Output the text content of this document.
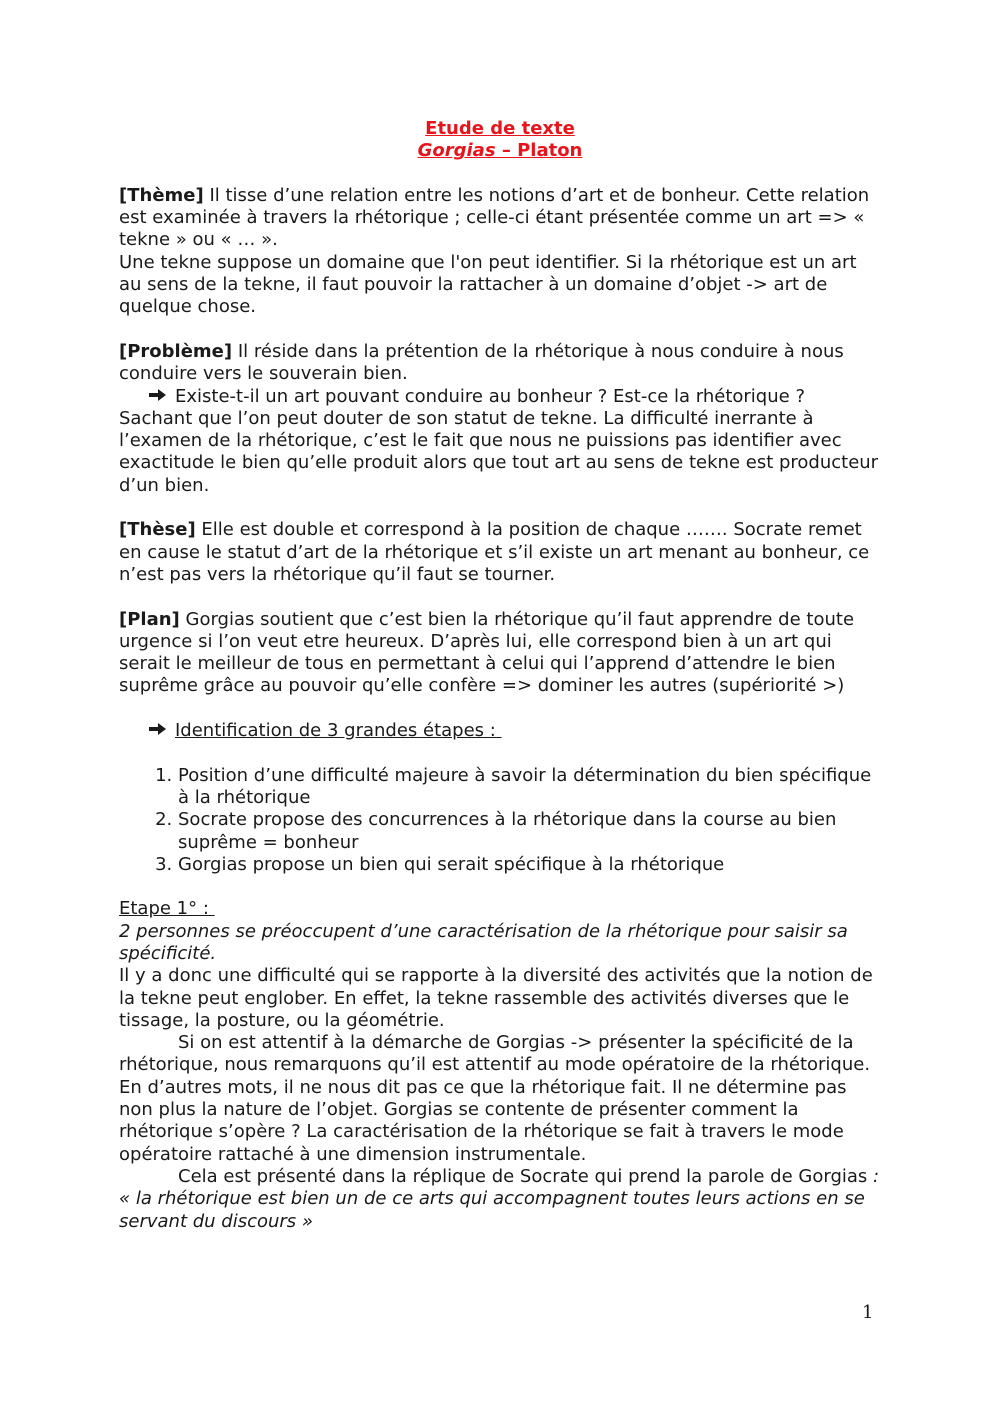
Etude de texte

Gorgias – Platon

[Thème] Il tisse d’une relation entre les notions d’art et de bonheur. Cette relation est examinée à travers la rhétorique ; celle-ci étant présentée comme un art => « tekne » ou « … ».

Une tekne suppose un domaine que l'on peut identifier. Si la rhétorique est un art au sens de la tekne, il faut pouvoir la rattacher à un domaine d’objet -> art de quelque chose.

[Problème] Il réside dans la prétention de la rhétorique à nous conduire à nous conduire vers le souverain bien.

Existe-t-il un art pouvant conduire au bonheur ? Est-ce la rhétorique ? Sachant que l’on peut douter de son statut de tekne. La difficulté inerrante à l’examen de la rhétorique, c’est le fait que nous ne puissions pas identifier avec exactitude le bien qu’elle produit alors que tout art au sens de tekne est producteur d’un bien.

[Thèse] Elle est double et correspond à la position de chaque ……. Socrate remet en cause le statut d’art de la rhétorique et s’il existe un art menant au bonheur, ce n’est pas vers la rhétorique qu’il faut se tourner.

[Plan] Gorgias soutient que c’est bien la rhétorique qu’il faut apprendre de toute urgence si l’on veut etre heureux. D’après lui, elle correspond bien à un art qui serait le meilleur de tous en permettant à celui qui l’apprend d’attendre le bien suprême grâce au pouvoir qu’elle confère => dominer les autres (supériorité >)

Identification de 3 grandes étapes :

1. Position d’une difficulté majeure à savoir la détermination du bien spécifique à la rhétorique
2. Socrate propose des concurrences à la rhétorique dans la course au bien suprême = bonheur
3. Gorgias propose un bien qui serait spécifique à la rhétorique

Etape 1° :

2 personnes se préoccupent d’une caractérisation de la rhétorique pour saisir sa spécificité.

Il y a donc une difficulté qui se rapporte à la diversité des activités que la notion de la tekne peut englober. En effet, la tekne rassemble des activités diverses que le tissage, la posture, ou la géométrie.

Si on est attentif à la démarche de Gorgias -> présenter la spécificité de la rhétorique, nous remarquons qu’il est attentif au mode opératoire de la rhétorique.

En d’autres mots, il ne nous dit pas ce que la rhétorique fait. Il ne détermine pas non plus la nature de l’objet. Gorgias se contente de présenter comment la rhétorique s’opère ? La caractérisation de la rhétorique se fait à travers le mode opératoire rattaché à une dimension instrumentale.

Cela est présenté dans la réplique de Socrate qui prend la parole de Gorgias : « la rhétorique est bien un de ce arts qui accompagnent toutes leurs actions en se servant du discours »

1
